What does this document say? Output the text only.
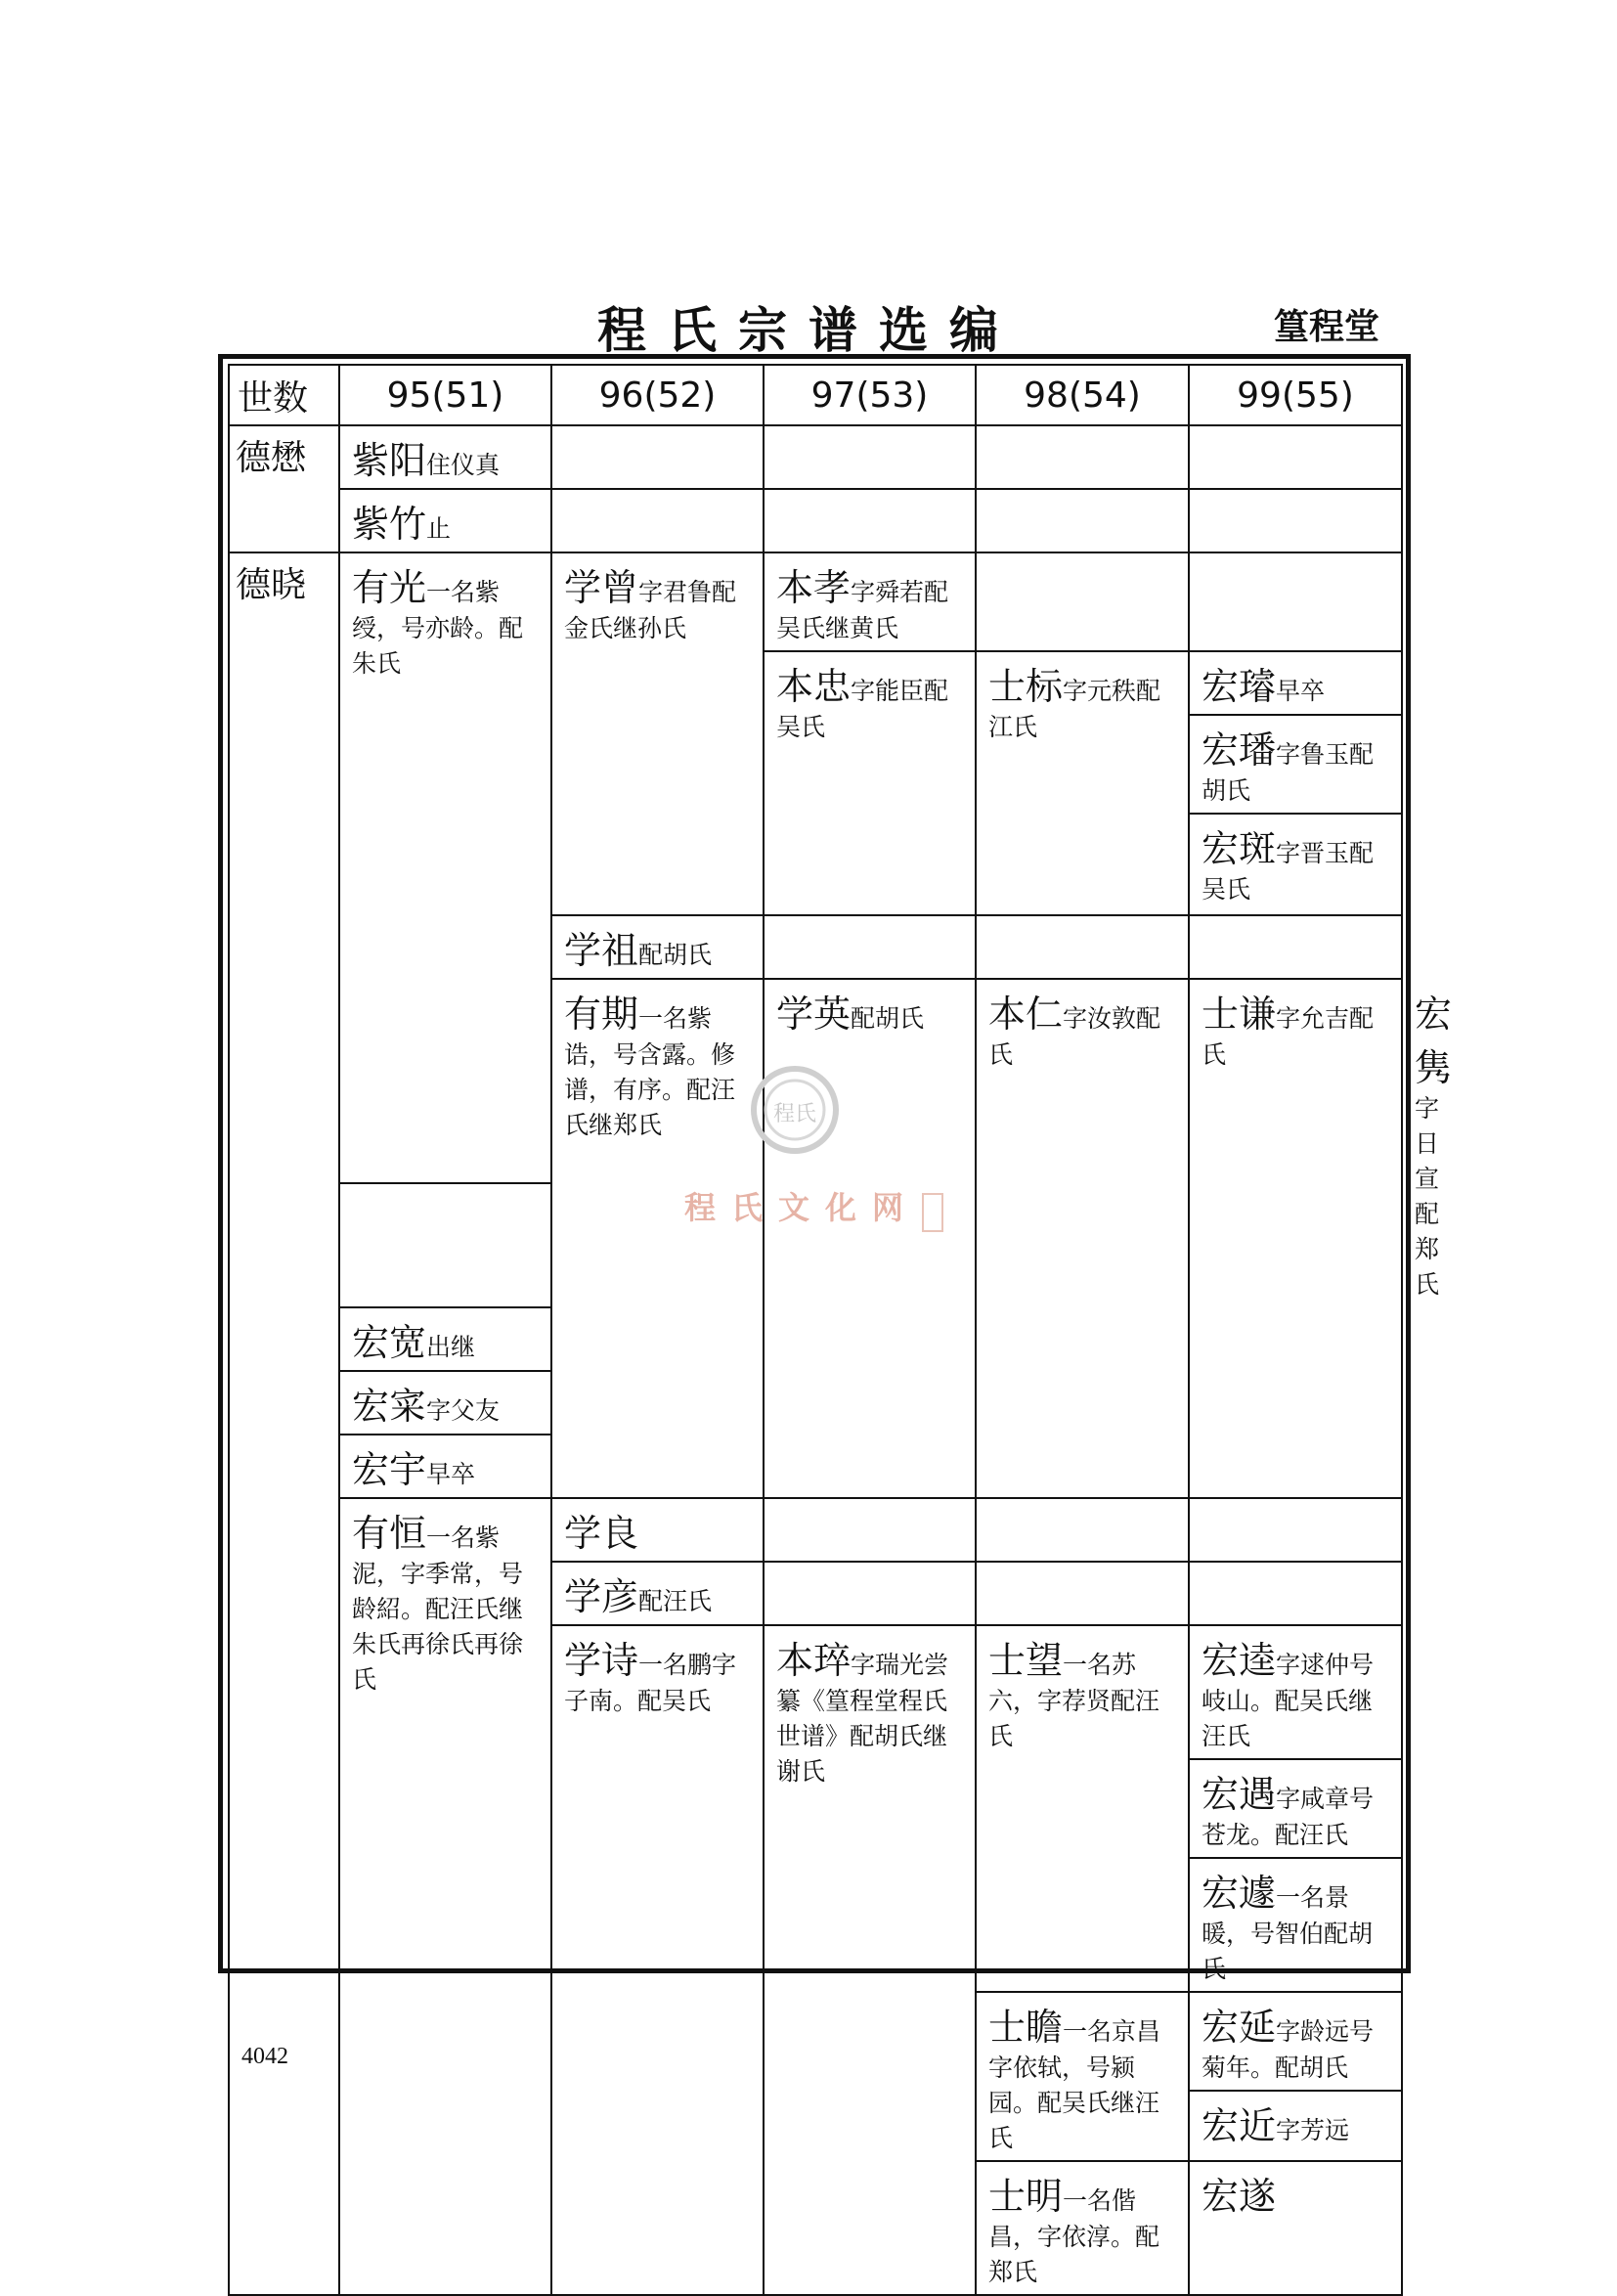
程氏宗谱选编	篁程堂
世数	95(51)	96(52)	97(53)	98(54)	99(55)	
德懋	紫阳住仪真					
	紫竹止					
德晓	有光一名紫绶，号亦龄。配朱氏	学曾字君鲁配金氏继孙氏	本孝字舜若配吴氏继黄氏			
			本忠字能臣配吴氏	士标字元秩配江氏	宏璿早卒	
					宏璠字鲁玉配胡氏	
					宏斑字晋玉配吴氏	

		学祖配胡氏				
		有期一名紫诰，号含露。修谱，有序。配汪氏继郑氏	学英配胡氏	本仁字汝敦配　氏	士谦字允吉配　氏	宏隽字日宣配郑氏

	宏宽出继					
	宏寀字父友					
	宏宇早卒					

	有恒一名紫泥，字季常，号龄紹。配汪氏继朱氏再徐氏再徐氏	学良				
		学彦配汪氏				
		学诗一名鹏字子南。配吴氏	本琗字瑞光尝纂《篁程堂程氏世谱》配胡氏继谢氏	士望一名苏六，字荐贤配汪氏	宏逵字逑仲号岐山。配吴氏继汪氏	
					宏遇字咸章号苍龙。配汪氏	
					宏遽一名景暖，号智伯配胡氏	
				士瞻一名京昌字依轼，号颍园。配吴氏继汪氏	宏延字龄远号菊年。配胡氏	
					宏近字芳远	

				士明一名偕昌，字依淳。配郑氏	宏遂	
程氏
程氏文化网
4042
